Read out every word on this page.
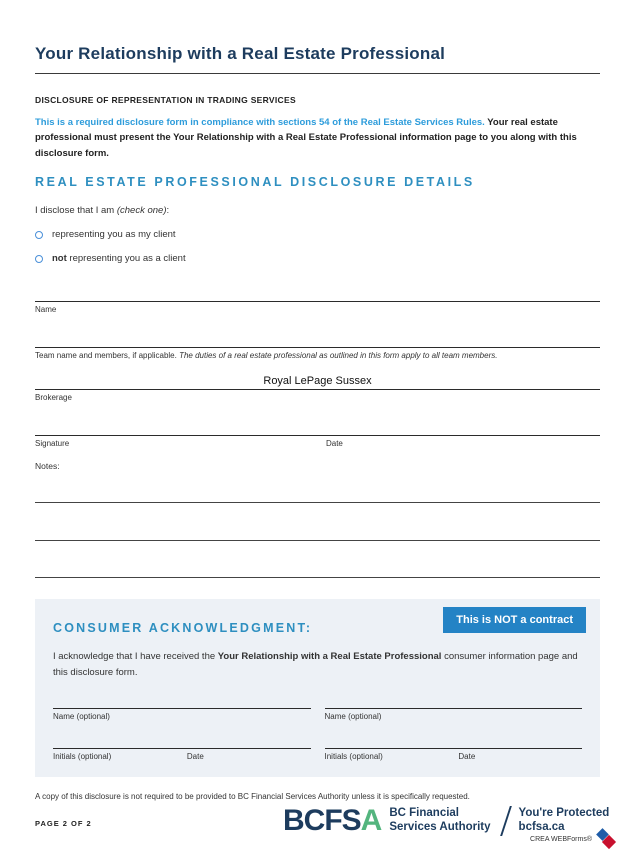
Your Relationship with a Real Estate Professional
DISCLOSURE OF REPRESENTATION IN TRADING SERVICES
This is a required disclosure form in compliance with sections 54 of the Real Estate Services Rules. Your real estate professional must present the Your Relationship with a Real Estate Professional information page to you along with this disclosure form.
REAL ESTATE PROFESSIONAL DISCLOSURE DETAILS
I disclose that I am (check one):
representing you as my client
not representing you as a client
Name
Team name and members, if applicable. The duties of a real estate professional as outlined in this form apply to all team members.
Royal LePage Sussex
Brokerage
Signature	Date
Notes:
CONSUMER ACKNOWLEDGMENT:
This is NOT a contract
I acknowledge that I have received the Your Relationship with a Real Estate Professional consumer information page and this disclosure form.
Name (optional)
Initials (optional)	Date
Name (optional)
Initials (optional)	Date
A copy of this disclosure is not required to be provided to BC Financial Services Authority unless it is specifically requested.
PAGE 2 OF 2	BCFSA BC Financial
Services Authority
You're Protected
bcfsa.ca
CREA WEBForms®
